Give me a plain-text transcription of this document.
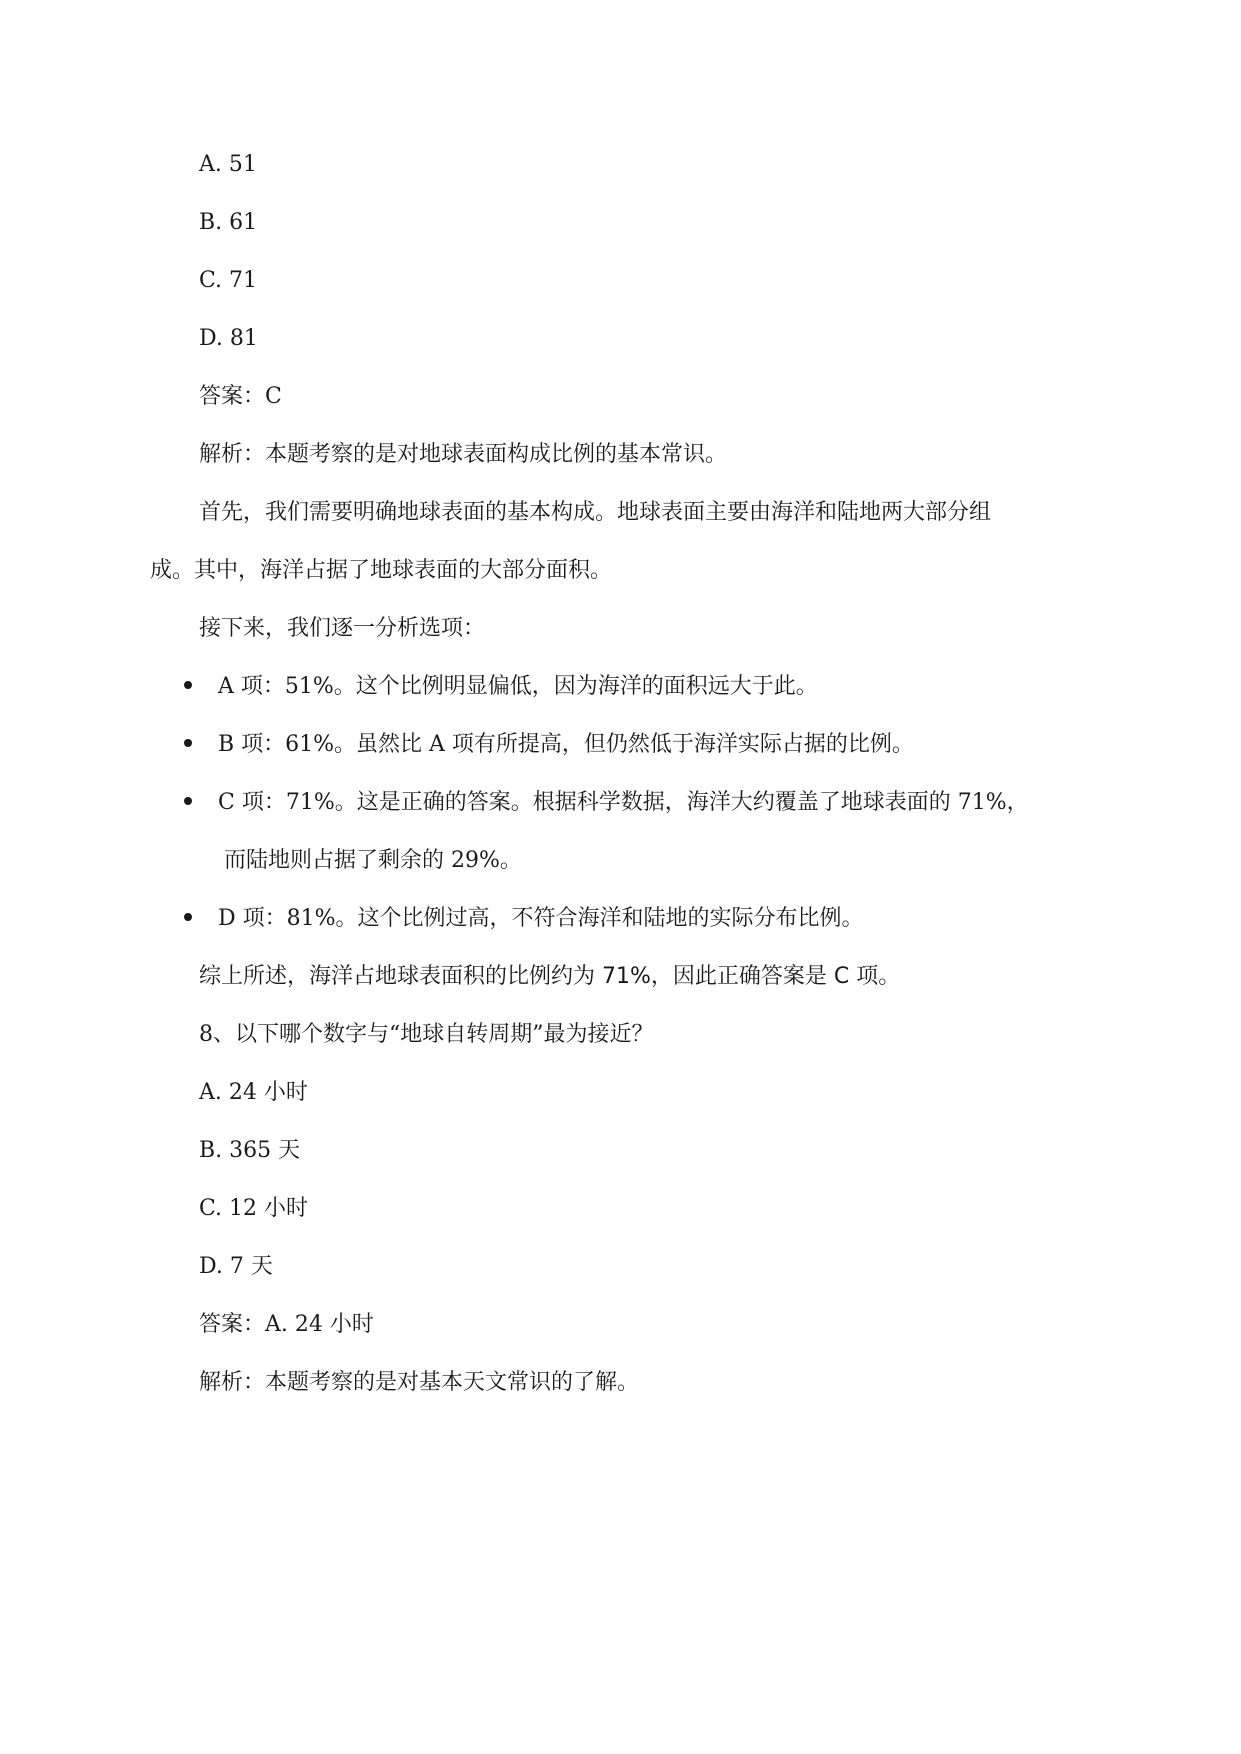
A. 51
B. 61
C. 71
D. 81
答案：C
解析：本题考察的是对地球表面构成比例的基本常识。
首先，我们需要明确地球表面的基本构成。地球表面主要由海洋和陆地两大部分组
成。其中，海洋占据了地球表面的大部分面积。
接下来，我们逐一分析选项：
A 项：51%。这个比例明显偏低，因为海洋的面积远大于此。
B 项：61%。虽然比 A 项有所提高，但仍然低于海洋实际占据的比例。
C 项：71%。这是正确的答案。根据科学数据，海洋大约覆盖了地球表面的 71%，
而陆地则占据了剩余的 29%。
D 项：81%。这个比例过高，不符合海洋和陆地的实际分布比例。
综上所述，海洋占地球表面积的比例约为 71%，因此正确答案是 C 项。
8、以下哪个数字与“地球自转周期”最为接近？
A. 24 小时
B. 365 天
C. 12 小时
D. 7 天
答案：A. 24 小时
解析：本题考察的是对基本天文常识的了解。
